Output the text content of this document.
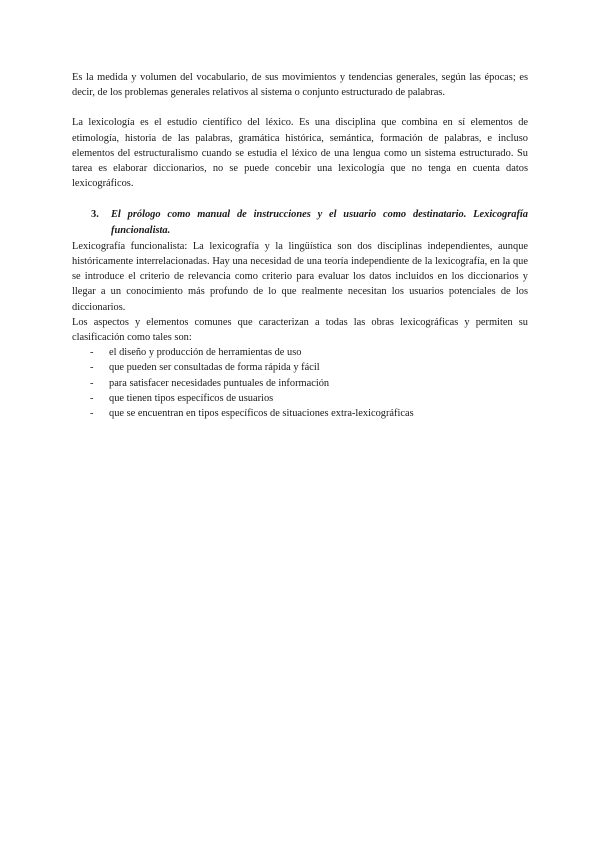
Es la medida y volumen del vocabulario, de sus movimientos y tendencias generales, según las épocas; es decir, de los problemas generales relativos al sistema o conjunto estructurado de palabras.

La lexicología es el estudio científico del léxico. Es una disciplina que combina en sí elementos de etimología, historia de las palabras, gramática histórica, semántica, formación de palabras, e incluso elementos del estructuralismo cuando se estudia el léxico de una lengua como un sistema estructurado. Su tarea es elaborar diccionarios, no se puede concebir una lexicología que no tenga en cuenta datos lexicográficos.

3.	El prólogo como manual de instrucciones y el usuario como destinatario. Lexicografía funcionalista.

Lexicografía funcionalista: La lexicografía y la lingüística son dos disciplinas independientes, aunque históricamente interrelacionadas. Hay una necesidad de una teoría independiente de la lexicografía, en la que se introduce el criterio de relevancia como criterio para evaluar los datos incluidos en los diccionarios y llegar a un conocimiento más profundo de lo que realmente necesitan los usuarios potenciales de los diccionarios.

Los aspectos y elementos comunes que caracterizan a todas las obras lexicográficas y permiten su clasificación como tales son:

-	el diseño y producción de herramientas de uso
-	que pueden ser consultadas de forma rápida y fácil
-	para satisfacer necesidades puntuales de información
-	que tienen tipos específicos de usuarios
-	que se encuentran en tipos específicos de situaciones extra-lexicográficas
